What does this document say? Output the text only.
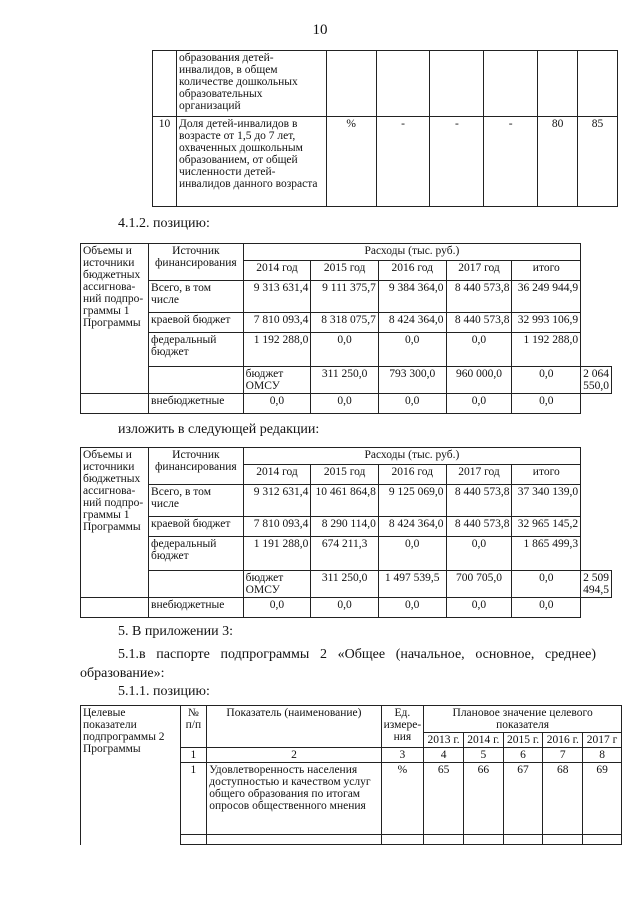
10
	образования детей-инвалидов, в общем количестве дошкольных образовательных организаций						
10	Доля детей-инвалидов в возрасте от 1,5 до 7 лет, охваченных дошкольным образованием, от общей численности детей-инвалидов данного возраста	%	-	-	-	80	85
4.1.2. позицию:
Объемы и источники бюджетных ассигнова-ний подпро-граммы 1 Программы	Источник финансирования	Расходы (тыс. руб.)					
		2014 год	2015 год	2016 год	2017 год	итого	
	Всего, в том числе	9 313 631,4	9 111 375,7	9 384 364,0	8 440 573,8	36 249 944,9	
	краевой бюджет	7 810 093,4	8 318 075,7	8 424 364,0	8 440 573,8	32 993 106,9	
	федеральный бюджет	1 192 288,0	0,0	0,0	0,0	1 192 288,0	
		бюджет ОМСУ	311 250,0	793 300,0	960 000,0	0,0	2 064 550,0
	внебюджетные	0,0	0,0	0,0	0,0	0,0	
изложить в следующей редакции:
Объемы и источники бюджетных ассигнова-ний подпро-граммы 1 Программы	Источник финансирования	Расходы (тыс. руб.)					
		2014 год	2015 год	2016 год	2017 год	итого	
	Всего, в том числе	9 312 631,4	10 461 864,8	9 125 069,0	8 440 573,8	37 340 139,0	
	краевой бюджет	7 810 093,4	8 290 114,0	8 424 364,0	8 440 573,8	32 965 145,2	
	федеральный бюджет	1 191 288,0	674 211,3	0,0	0,0	1 865 499,3	
		бюджет ОМСУ	311 250,0	1 497 539,5	700 705,0	0,0	2 509 494,5
	внебюджетные	0,0	0,0	0,0	0,0	0,0	
5. В приложении 3:
5.1.в паспорте подпрограммы 2 «Общее (начальное, основное, среднее) образование»:
5.1.1. позицию:
Целевые показатели подпрограммы 2 Программы	№ п/п	Показатель (наименование)	Ед. измере-ния	Плановое значение целевого показателя				
				2013 г.	2014 г.	2015 г.	2016 г.	2017 г
	1	2	3	4	5	6	7	8
	1	Удовлетворенность населения доступностью и качеством услуг общего образования по итогам опросов общественного мнения	%	65	66	67	68	69
